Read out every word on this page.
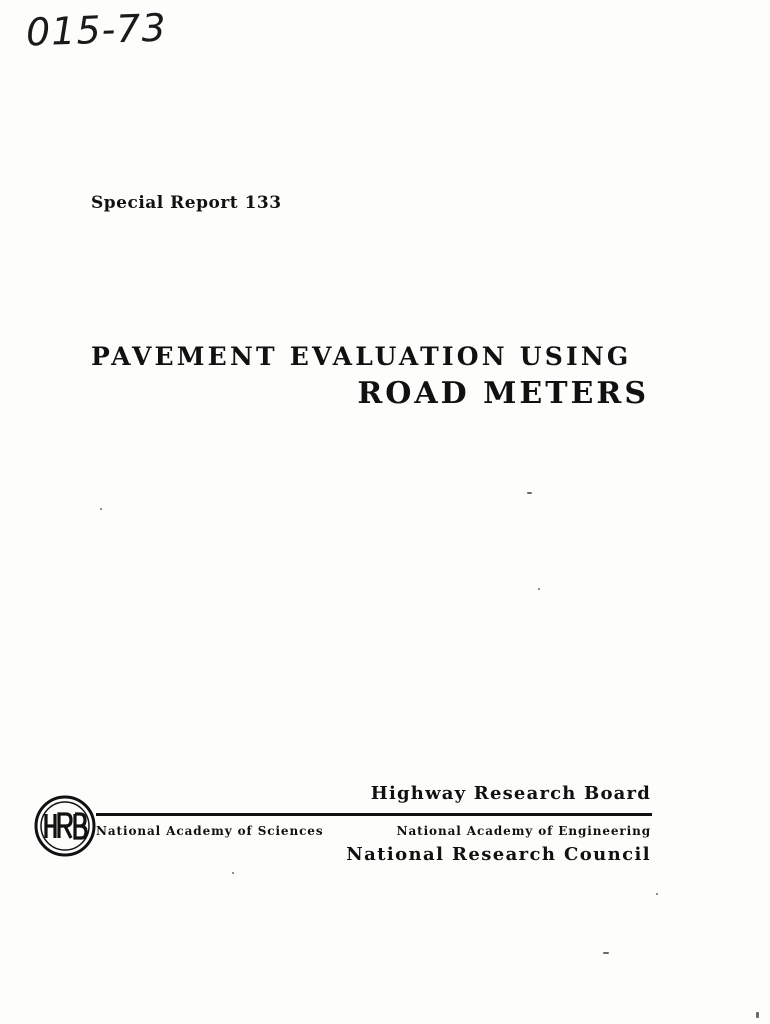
015-73
Special Report 133
PAVEMENT EVALUATION USING
ROAD METERS
Highway Research Board
National Academy of Sciences	National Academy of Engineering
National Research Council
